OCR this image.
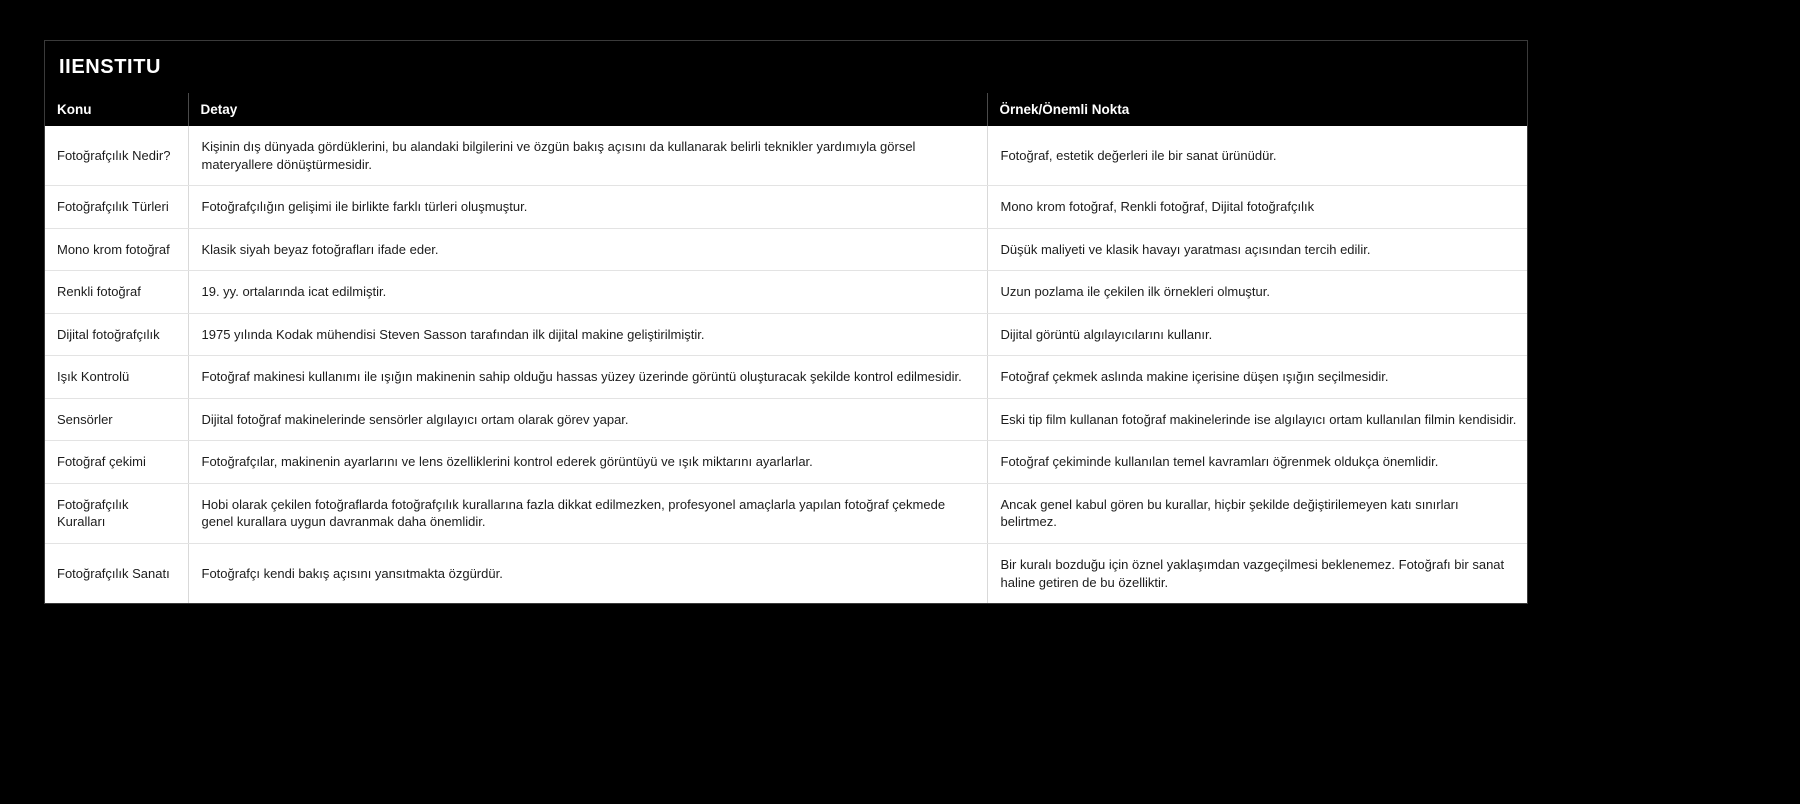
IIENSTITU
Konu	Detay	Örnek/Önemli Nokta
Fotoğrafçılık Nedir?	Kişinin dış dünyada gördüklerini, bu alandaki bilgilerini ve özgün bakış açısını da kullanarak belirli teknikler yardımıyla görsel materyallere dönüştürmesidir.	Fotoğraf, estetik değerleri ile bir sanat ürünüdür.
Fotoğrafçılık Türleri	Fotoğrafçılığın gelişimi ile birlikte farklı türleri oluşmuştur.	Mono krom fotoğraf, Renkli fotoğraf, Dijital fotoğrafçılık
Mono krom fotoğraf	Klasik siyah beyaz fotoğrafları ifade eder.	Düşük maliyeti ve klasik havayı yaratması açısından tercih edilir.
Renkli fotoğraf	19. yy. ortalarında icat edilmiştir.	Uzun pozlama ile çekilen ilk örnekleri olmuştur.
Dijital fotoğrafçılık	1975 yılında Kodak mühendisi Steven Sasson tarafından ilk dijital makine geliştirilmiştir.	Dijital görüntü algılayıcılarını kullanır.
Işık Kontrolü	Fotoğraf makinesi kullanımı ile ışığın makinenin sahip olduğu hassas yüzey üzerinde görüntü oluşturacak şekilde kontrol edilmesidir.	Fotoğraf çekmek aslında makine içerisine düşen ışığın seçilmesidir.
Sensörler	Dijital fotoğraf makinelerinde sensörler algılayıcı ortam olarak görev yapar.	Eski tip film kullanan fotoğraf makinelerinde ise algılayıcı ortam kullanılan filmin kendisidir.
Fotoğraf çekimi	Fotoğrafçılar, makinenin ayarlarını ve lens özelliklerini kontrol ederek görüntüyü ve ışık miktarını ayarlarlar.	Fotoğraf çekiminde kullanılan temel kavramları öğrenmek oldukça önemlidir.
Fotoğrafçılık Kuralları	Hobi olarak çekilen fotoğraflarda fotoğrafçılık kurallarına fazla dikkat edilmezken, profesyonel amaçlarla yapılan fotoğraf çekmede genel kurallara uygun davranmak daha önemlidir.	Ancak genel kabul gören bu kurallar, hiçbir şekilde değiştirilemeyen katı sınırları belirtmez.
Fotoğrafçılık Sanatı	Fotoğrafçı kendi bakış açısını yansıtmakta özgürdür.	Bir kuralı bozduğu için öznel yaklaşımdan vazgeçilmesi beklenemez. Fotoğrafı bir sanat haline getiren de bu özelliktir.
